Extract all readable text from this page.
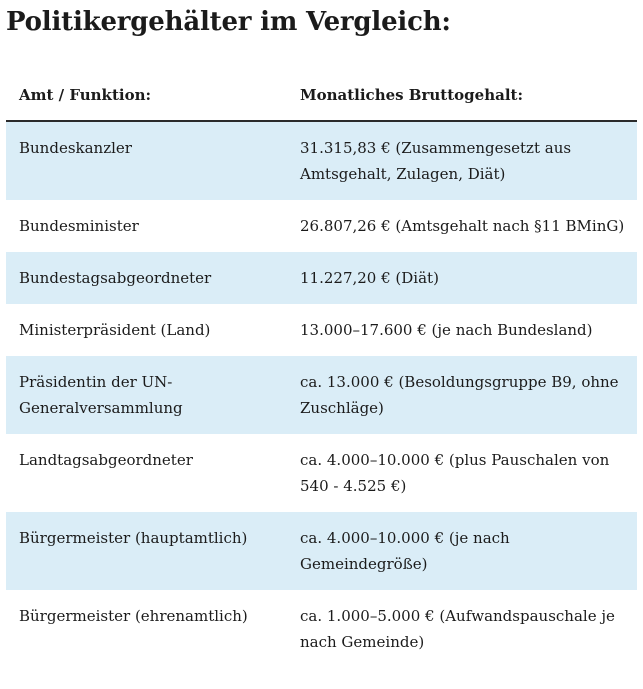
Politikergehälter im Vergleich:
Amt / Funktion:	Monatliches Bruttogehalt:
Bundeskanzler	31.315,83 € (Zusammengesetzt aus Amtsgehalt, Zulagen, Diät)
Bundesminister	26.807,26 € (Amtsgehalt nach §11 BMinG)
Bundestagsabgeordneter	11.227,20 € (Diät)
Ministerpräsident (Land)	13.000–17.600 € (je nach Bundesland)
Präsidentin der UN-Generalversammlung	ca. 13.000 € (Besoldungsgruppe B9, ohne Zuschläge)
Landtagsabgeordneter	ca. 4.000–10.000 € (plus Pauschalen von 540 - 4.525 €)
Bürgermeister (hauptamtlich)	ca. 4.000–10.000 € (je nach Gemeindegröße)
Bürgermeister (ehrenamtlich)	ca. 1.000–5.000 € (Aufwandspauschale je nach Gemeinde)
